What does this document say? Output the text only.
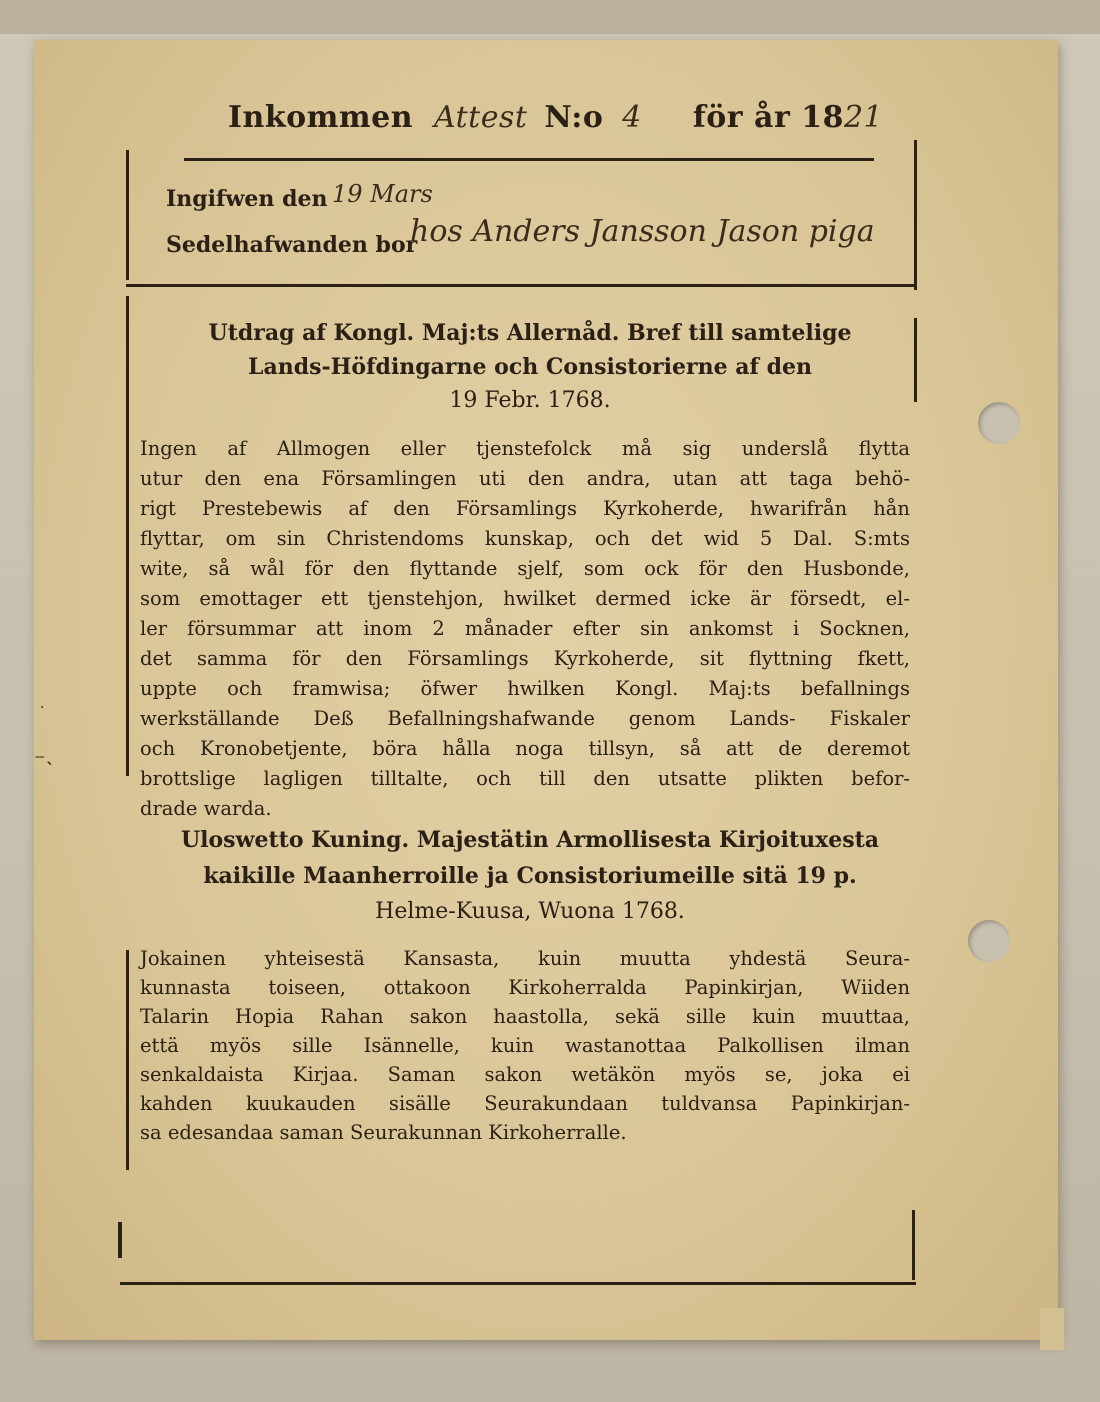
Inkommen Attest N:o 4 för år 1821
Ingifwen den 19 Mars
Sedelhafwanden bor
hos Anders Jansson Jason piga
Utdrag af Kongl. Maj:ts Allernåd. Bref till samtelige
Lands-Höfdingarne och Consistorierne af den
19 Febr. 1768.
Ingen af Allmogen eller tjenstefolck må sig underslå flytta
utur den ena Församlingen uti den andra, utan att taga behö-
rigt Prestebewis af den Församlings Kyrkoherde, hwarifrån hån
flyttar, om sin Christendoms kunskap, och det wid 5 Dal. S:mts
wite, så wål för den flyttande sjelf, som ock för den Husbonde,
som emottager ett tjenstehjon, hwilket dermed icke är försedt, el-
ler försummar att inom 2 månader efter sin ankomst i Socknen,
det samma för den Församlings Kyrkoherde, sit flyttning fkett,
uppte och framwisa; öfwer hwilken Kongl. Maj:ts befallnings
werkställande Deß Befallningshafwande genom Lands- Fiskaler
och Kronobetjente, böra hålla noga tillsyn, så att de deremot
brottslige lagligen tilltalte, och till den utsatte plikten befor-
drade warda.
Uloswetto Kuning. Majestätin Armollisesta Kirjoituxesta
kaikille Maanherroille ja Consistoriumeille sitä 19 p.
Helme-Kuusa, Wuona 1768.
Jokainen yhteisestä Kansasta, kuin muutta yhdestä Seura-
kunnasta toiseen, ottakoon Kirkoherralda Papinkirjan, Wiiden
Talarin Hopia Rahan sakon haastolla, sekä sille kuin muuttaa,
että myös sille Isännelle, kuin wastanottaa Palkollisen ilman
senkaldaista Kirjaa. Saman sakon wetäkön myös se, joka ei
kahden kuukauden sisälle Seurakundaan tuldvansa Papinkirjan-
sa edesandaa saman Seurakunnan Kirkoherralle.
⁻˴
·
